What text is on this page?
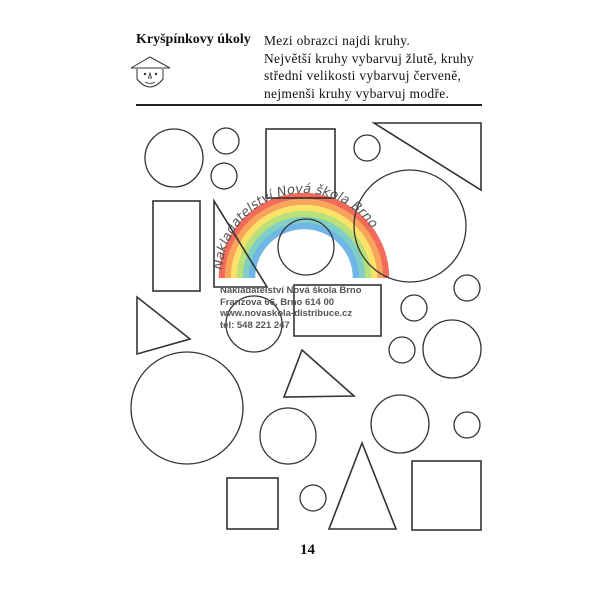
Kryšpínkovy úkoly Mezi obrazci najdi kruhy.
Největší kruhy vybarvuj žlutě, kruhy
střední velikosti vybarvuj červeně,
nejmenši kruhy vybarvuj modře.
Nakladatelství Nová škola Brno
Nakladatelství Nová škola Brno
Franzova 66, Brno 614 00
www.novaskola-distribuce.cz
tel: 548 221 247
14
